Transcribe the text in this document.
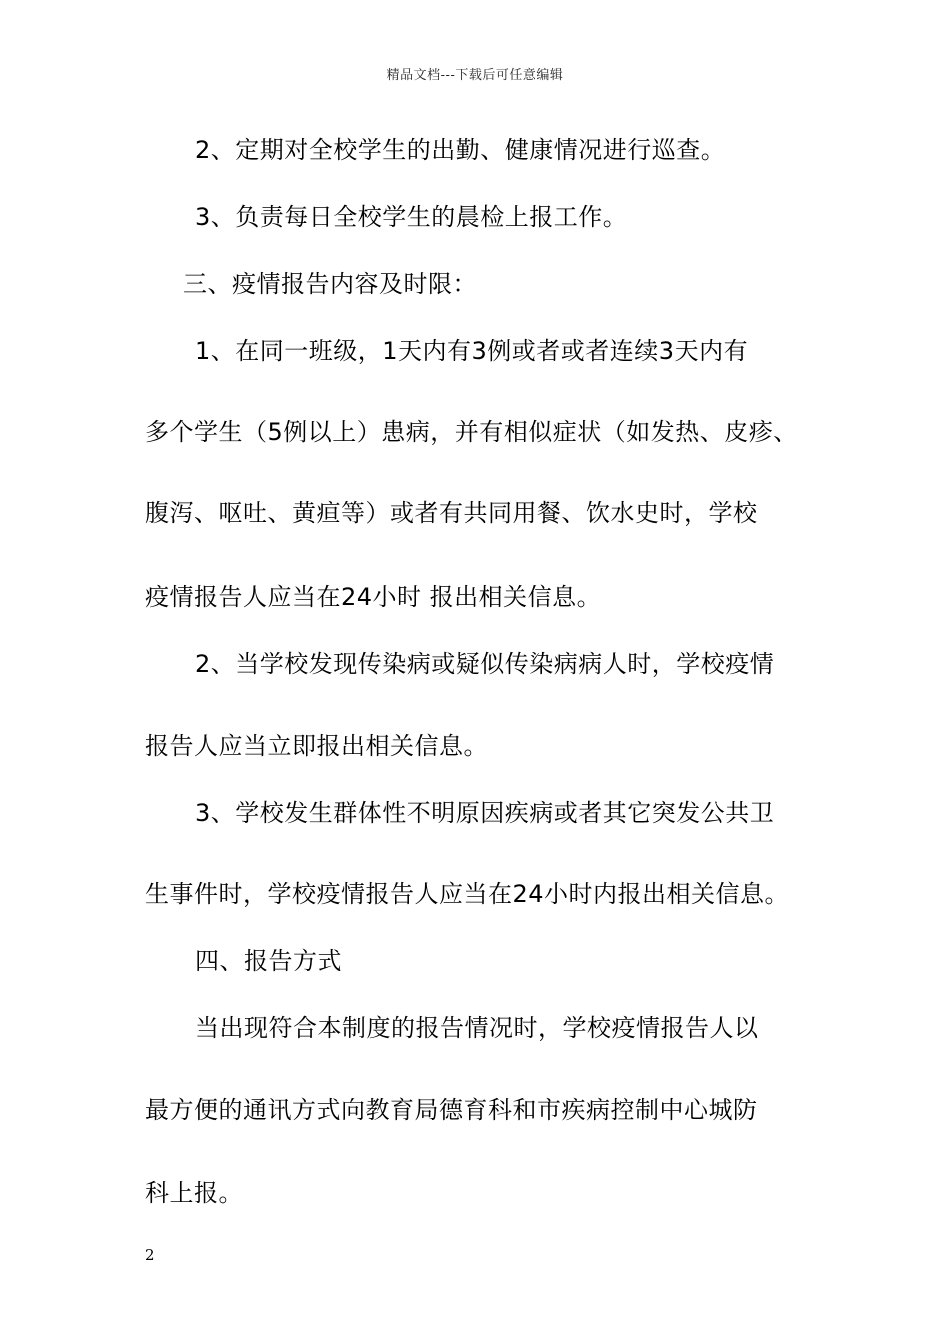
精品文档---下载后可任意编辑
2、定期对全校学生的出勤、健康情况进行巡查。
3、负责每日全校学生的晨检上报工作。
三、疫情报告内容及时限：
1、在同一班级，1天内有3例或者或者连续3天内有
多个学生（5例以上）患病，并有相似症状（如发热、皮疹、
腹泻、呕吐、黄疸等）或者有共同用餐、饮水史时，学校
疫情报告人应当在24小时 报出相关信息。
2、当学校发现传染病或疑似传染病病人时，学校疫情
报告人应当立即报出相关信息。
3、学校发生群体性不明原因疾病或者其它突发公共卫
生事件时，学校疫情报告人应当在24小时内报出相关信息。
四、报告方式
当出现符合本制度的报告情况时，学校疫情报告人以
最方便的通讯方式向教育局德育科和市疾病控制中心城防
科上报。
2
